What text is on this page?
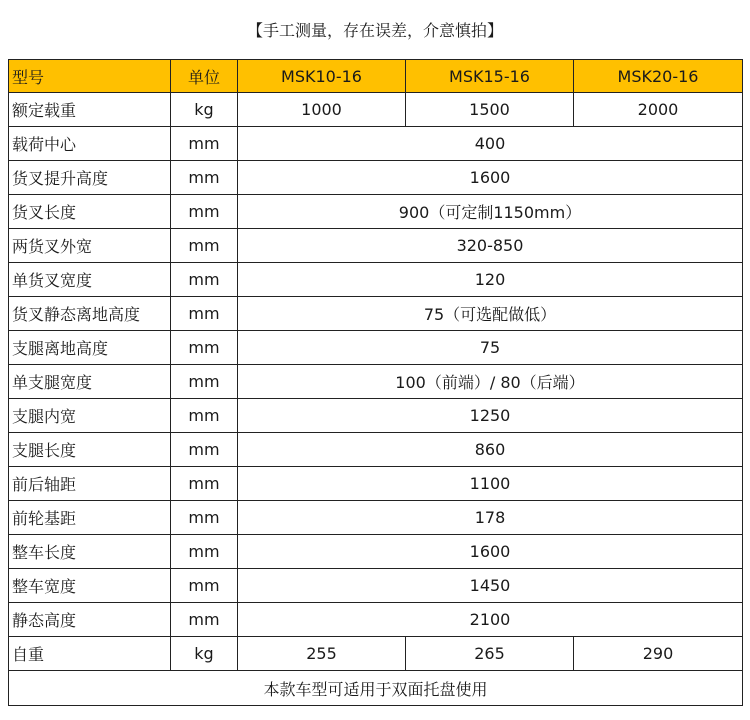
【手工测量，存在误差，介意慎拍】
型号	单位	MSK10-16	MSK15-16	MSK20-16
额定载重	kg	1000	1500	2000
载荷中心	mm	400		
货叉提升高度	mm	1600		
货叉长度	mm	900（可定制1150mm）		
两货叉外宽	mm	320-850		
单货叉宽度	mm	120		
货叉静态离地高度	mm	75（可选配做低）		
支腿离地高度	mm	75		
单支腿宽度	mm	100（前端）/ 80（后端）		
支腿内宽	mm	1250		
支腿长度	mm	860		
前后轴距	mm	1100		
前轮基距	mm	178		
整车长度	mm	1600		
整车宽度	mm	1450		
静态高度	mm	2100		
自重	kg	255	265	290
本款车型可适用于双面托盘使用				
